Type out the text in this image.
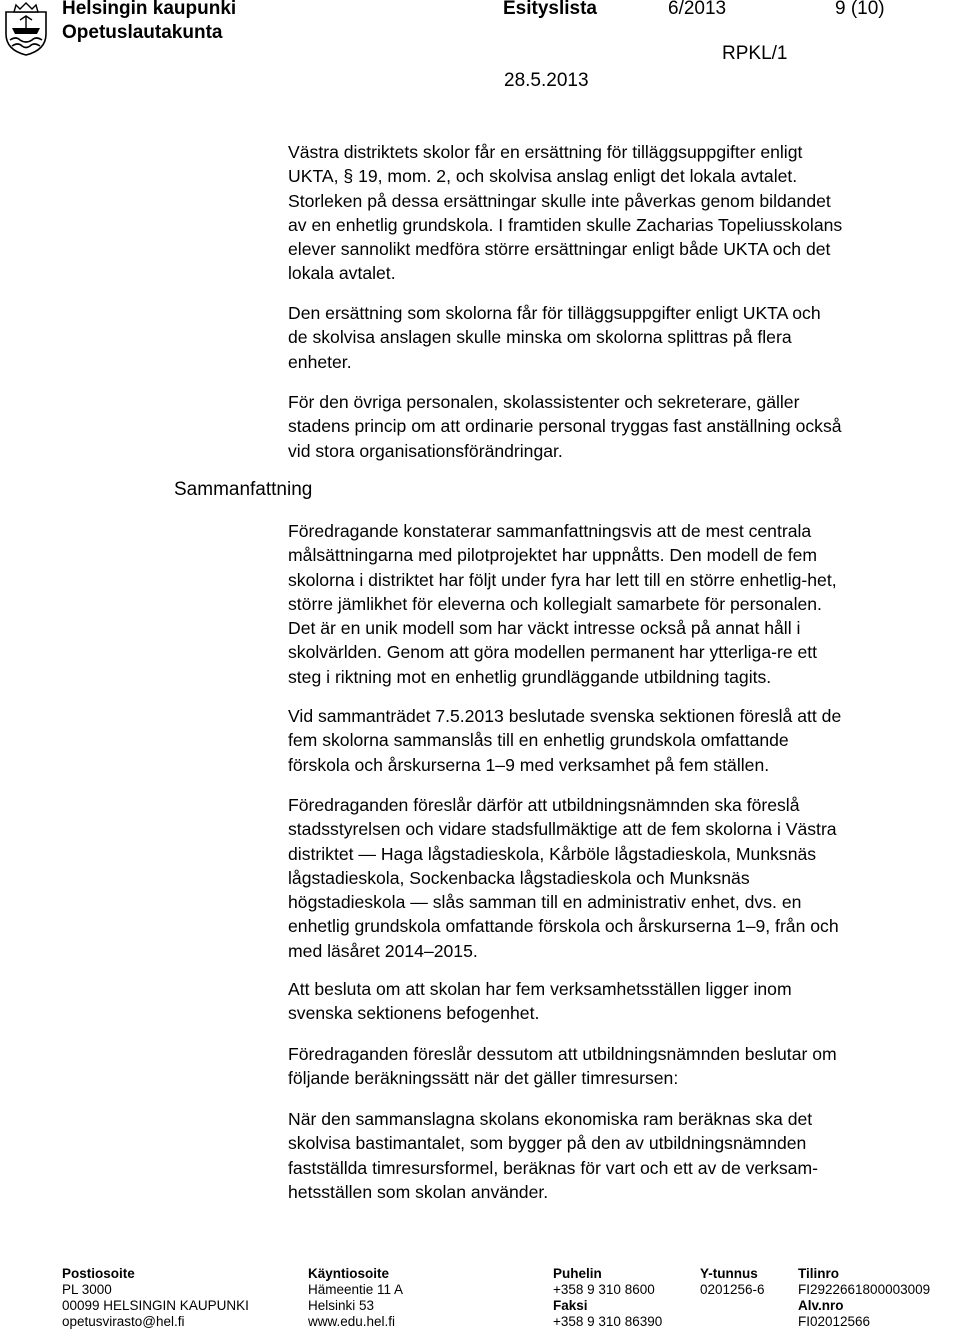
Helsingin kaupunki
Opetuslautakunta
Esityslista	6/2013	9 (10)
RPKL/1
28.5.2013
Sammanfattning

Västra distriktets skolor får en ersättning för tilläggsuppgifter enligt
UKTA, § 19, mom. 2, och skolvisa anslag enligt det lokala avtalet.
Storleken på dessa ersättningar skulle inte påverkas genom bildandet
av en enhetlig grundskola. I framtiden skulle Zacharias Topeliusskolans
elever sannolikt medföra större ersättningar enligt både UKTA och det
lokala avtalet.

Den ersättning som skolorna får för tilläggsuppgifter enligt UKTA och
de skolvisa anslagen skulle minska om skolorna splittras på flera
enheter.

För den övriga personalen, skolassistenter och sekreterare, gäller
stadens princip om att ordinarie personal tryggas fast anställning också
vid stora organisationsförändringar.

Föredragande konstaterar sammanfattningsvis att de mest centrala
målsättningarna med pilotprojektet har uppnåtts. Den modell de fem
skolorna i distriktet har följt under fyra har lett till en större enhetlig-het,
större jämlikhet för eleverna och kollegialt samarbete för personalen.
Det är en unik modell som har väckt intresse också på annat håll i
skolvärlden. Genom att göra modellen permanent har ytterliga-re ett
steg i riktning mot en enhetlig grundläggande utbildning tagits.

Vid sammanträdet 7.5.2013 beslutade svenska sektionen föreslå att de
fem skolorna sammanslås till en enhetlig grundskola omfattande
förskola och årskurserna 1–9 med verksamhet på fem ställen.

Föredraganden föreslår därför att utbildningsnämnden ska föreslå
stadsstyrelsen och vidare stadsfullmäktige att de fem skolorna i Västra
distriktet — Haga lågstadieskola, Kårböle lågstadieskola, Munksnäs
lågstadieskola, Sockenbacka lågstadieskola och Munksnäs
högstadieskola — slås samman till en administrativ enhet, dvs. en
enhetlig grundskola omfattande förskola och årskurserna 1–9, från och
med läsåret 2014–2015.

Att besluta om att skolan har fem verksamhetsställen ligger inom
svenska sektionens befogenhet.

Föredraganden föreslår dessutom att utbildningsnämnden beslutar om
följande beräkningssätt när det gäller timresursen:

När den sammanslagna skolans ekonomiska ram beräknas ska det
skolvisa bastimantalet, som bygger på den av utbildningsnämnden
fastställda timresursformel, beräknas för vart och ett av de verksam-
hetsställen som skolan använder.

Postiosoite
PL 3000
00099 HELSINGIN KAUPUNKI
opetusvirasto@hel.fi
Käyntiosoite
Hämeentie 11 A
Helsinki 53
www.edu.hel.fi
Puhelin
+358 9 310 8600
Faksi
+358 9 310 86390
Y-tunnus
0201256-6
Tilinro
FI2922661800003009
Alv.nro
FI02012566
